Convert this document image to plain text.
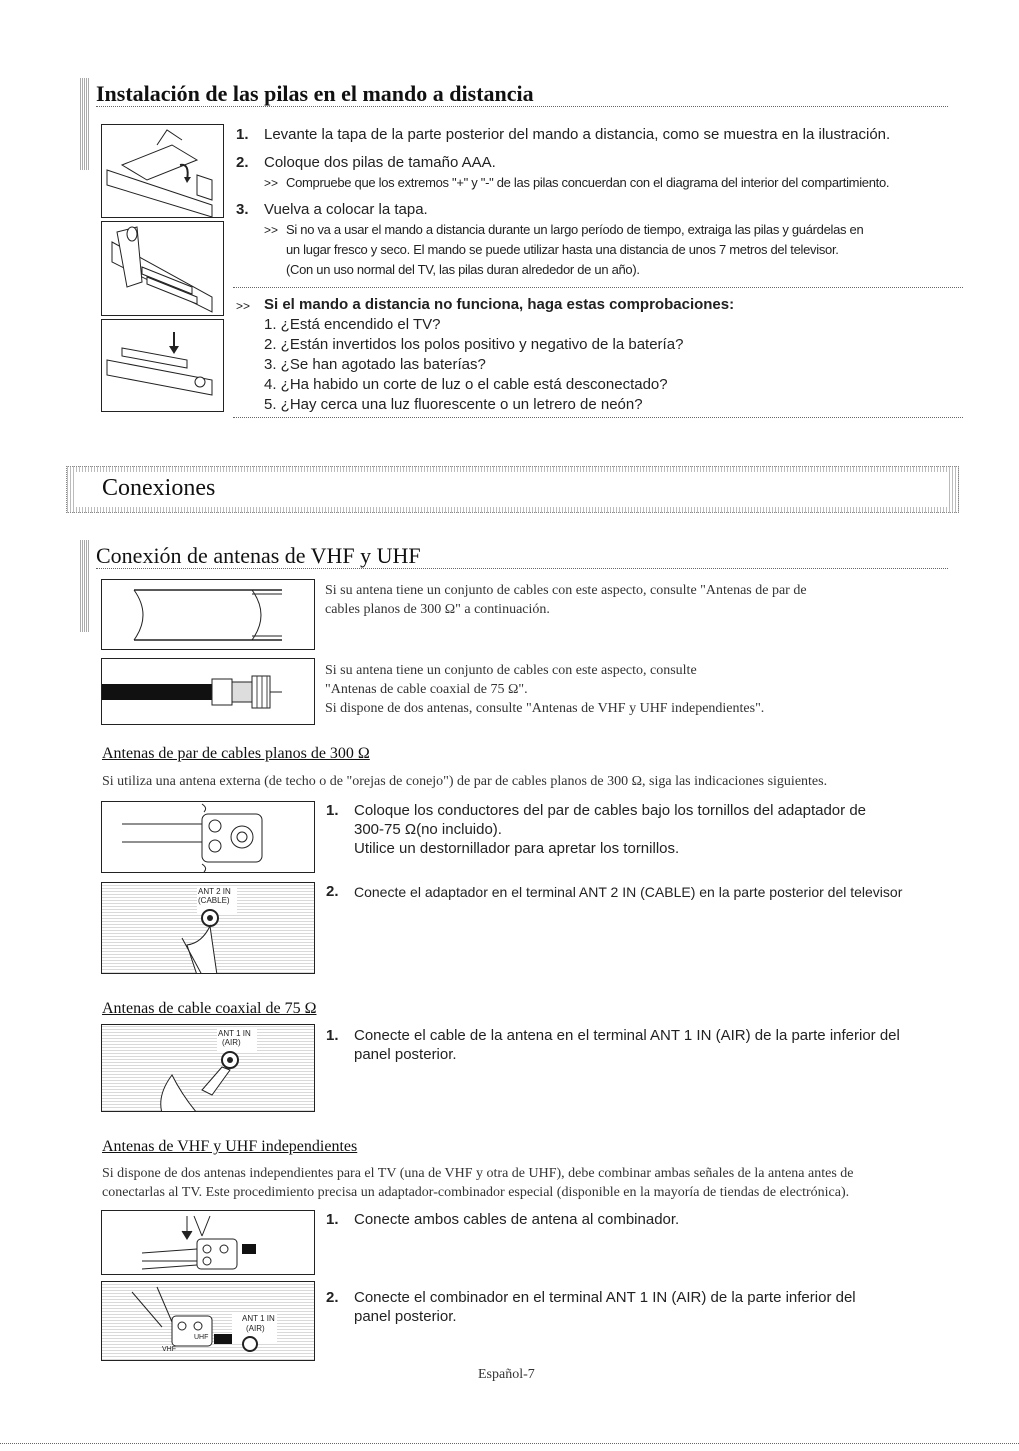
Instalación de las pilas en el mando a distancia
1. Levante la tapa de la parte posterior del mando a distancia, como se muestra en la ilustración.
2. Coloque dos pilas de tamaño AAA.
>> Compruebe que los extremos "+" y "-" de las pilas concuerdan con el diagrama del interior del compartimiento.
3. Vuelva a colocar la tapa.
>> Si no va a usar el mando a distancia durante un largo período de tiempo, extraiga las pilas y guárdelas en
un lugar fresco y seco. El mando se puede utilizar hasta una distancia de unos 7 metros del televisor.
(Con un uso normal del TV, las pilas duran alrededor de un año).
>> Si el mando a distancia no funciona, haga estas comprobaciones:
1. ¿Está encendido el TV?
2. ¿Están invertidos los polos positivo y negativo de la batería?
3. ¿Se han agotado las baterías?
4. ¿Ha habido un corte de luz o el cable está desconectado?
5. ¿Hay cerca una luz fluorescente o un letrero de neón?
Conexiones
Conexión de antenas de VHF y UHF
Si su antena tiene un conjunto de cables con este aspecto, consulte "Antenas de par de
cables planos de 300 Ω" a continuación.
Si su antena tiene un conjunto de cables con este aspecto, consulte
"Antenas de cable coaxial de 75 Ω".
Si dispone de dos antenas, consulte "Antenas de VHF y UHF independientes".
Antenas de par de cables planos de 300 Ω
Si utiliza una antena externa (de techo o de "orejas de conejo") de par de cables planos de 300 Ω, siga las indicaciones siguientes.
1. Coloque los conductores del par de cables bajo los tornillos del adaptador de
300-75 Ω(no incluido).
Utilice un destornillador para apretar los tornillos.
ANT 2 IN
(CABLE)
2. Conecte el adaptador en el terminal ANT 2 IN (CABLE) en la parte posterior del televisor
Antenas de cable coaxial de 75 Ω
ANT 1 IN
(AIR)	1. Conecte el cable de la antena en el terminal ANT 1 IN (AIR) de la parte inferior del
panel posterior.
Antenas de VHF y UHF independientes
Si dispone de dos antenas independientes para el TV (una de VHF y otra de UHF), debe combinar ambas señales de la antena antes de
conectarlas al TV. Este procedimiento precisa un adaptador-combinador especial (disponible en la mayoría de tiendas de electrónica).
1. Conecte ambos cables de antena al combinador.
UHF
VHF
ANT 1 IN
(AIR)
2. Conecte el combinador en el terminal ANT 1 IN (AIR) de la parte inferior del
panel posterior.
Español-7
